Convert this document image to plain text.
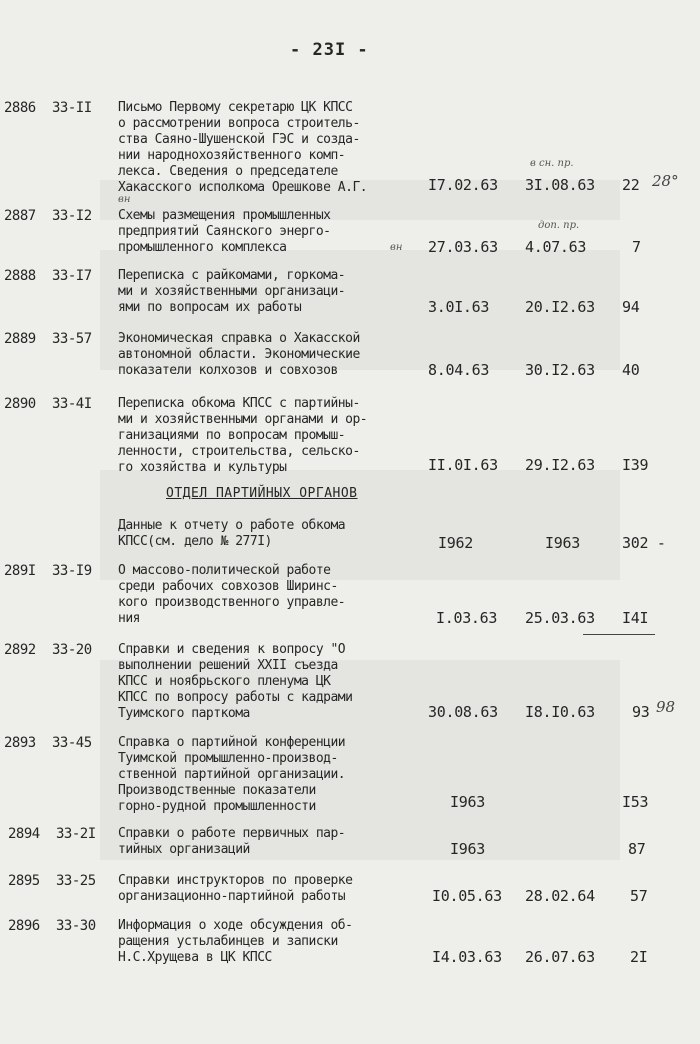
- 23I -
2886 33-II Письмо Первому секретарю ЦК КПСС
о рассмотрении вопроса строитель-
ства Саяно-Шушенской ГЭС и созда-
нии народнохозяйственного комп-
лекса. Сведения о председателе
Хакасского исполкома Орешкове А.Г.
в сн. пр.
вн
I7.02.63 3I.08.63 22 28°
2887 33-I2 Схемы размещения промышленных
предприятий Саянского энерго-
промышленного комплекса
доп. пр.
вн 27.03.63 4.07.63	7
2888 33-I7 Переписка с райкомами, горкома-
ми и хозяйственными организаци-
ями по вопросам их работы	3.0I.63 20.I2.63 94
2889 33-57 Экономическая справка о Хакасской
автономной области. Экономические
показатели колхозов и совхозов	8.04.63 30.I2.63 40
2890 33-4I Переписка обкома КПСС с партийны-
ми и хозяйственными органами и ор-
ганизациями по вопросам промыш-
ленности, строительства, сельско-
го хозяйства и культуры	II.0I.63 29.I2.63 I39
ОТДЕЛ ПАРТИЙНЫХ ОРГАНОВ
Данные к отчету о работе обкома
КПСС(см. дело № 277I)	I962	I963	302 -
289I 33-I9 О массово-политической работе
среди рабочих совхозов Ширинс-
кого производственного управле-
ния	I.03.63 25.03.63 I4I
2892 33-20 Справки и сведения к вопросу "О
выполнении решений ХХII съезда
КПСС и ноябрьского пленума ЦК
КПСС по вопросу работы с кадрами
Туимского парткома	30.08.63 I8.I0.63 93 98
2893 33-45 Справка о партийной конференции
Туимской промышленно-производ-
ственной партийной организации.
Производственные показатели
горно-рудной промышленности	I963	I53
2894 33-2I Справки о работе первичных пар-
тийных организаций	I963	87
2895 33-25 Справки инструкторов по проверке
организационно-партийной работы	I0.05.63 28.02.64 57
2896 33-30 Информация о ходе обсуждения об-
ращения устьлабинцев и записки
Н.С.Хрущева в ЦК КПСС	I4.03.63 26.07.63 2I
